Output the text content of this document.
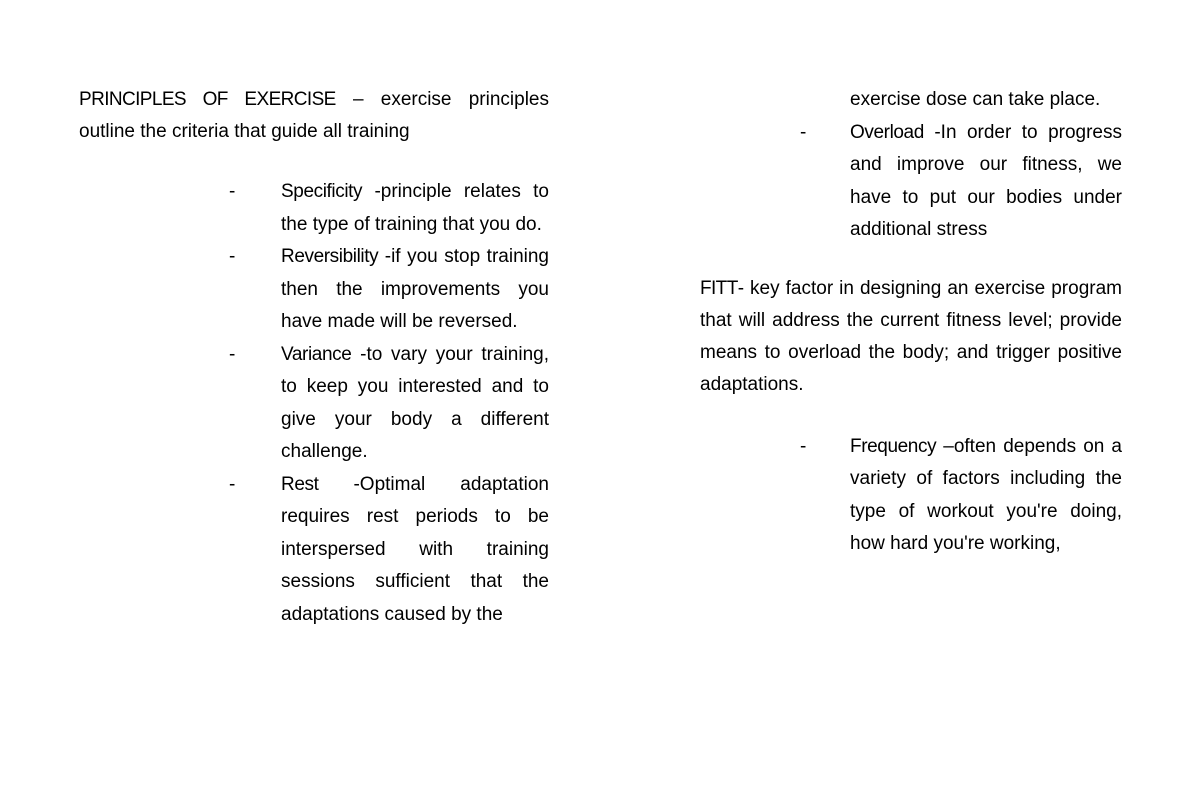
PRINCIPLES OF EXERCISE – exercise principles outline the criteria that guide all training

- Specificity -principle relates to the type of training that you do.
- Reversibility -if you stop training then the improvements you have made will be reversed.
- Variance -to vary your training, to keep you interested and to give your body a different challenge.
- Rest -Optimal adaptation requires rest periods to be interspersed with training sessions sufficient that the adaptations caused by the
exercise dose can take place.
- Overload -In order to progress and improve our fitness, we have to put our bodies under additional stress

FITT- key factor in designing an exercise program that will address the current fitness level; provide means to overload the body; and trigger positive adaptations.

- Frequency –often depends on a variety of factors including the type of workout you're doing, how hard you're working,
